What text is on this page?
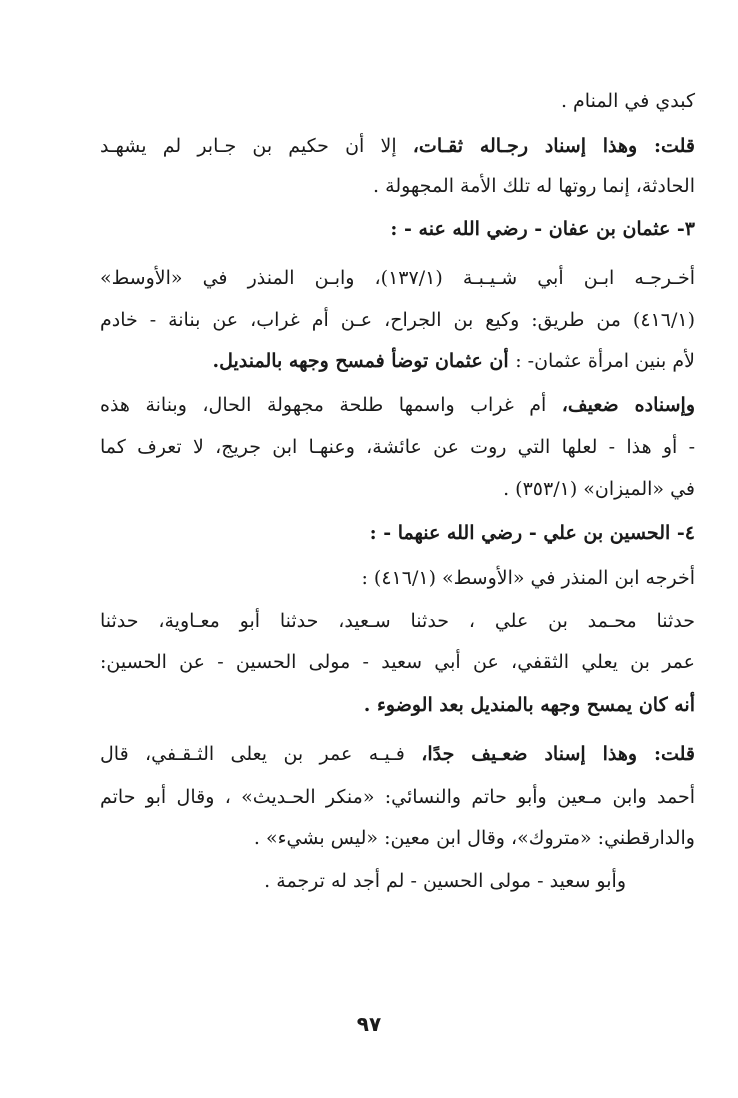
كبدي في المنام .
قلت: وهذا إسناد رجـاله ثقـات، إلا أن حكيم بن جـابر لم يشهـد
الحادثة، إنما روتها له تلك الأمة المجهولة .
٣- عثمان بن عفان - رضي الله عنه - :
أخـرجـه ابـن أبي شـيـبـة (١٣٧/١)، وابـن المنذر في «الأوسط»
(٤١٦/١) من طريق: وكيع بن الجراح، عـن أم غراب، عن بنانة - خادم
لأم بنين امرأة عثمان- : أن عثمان توضأ فمسح وجهه بالمنديل.
وإسناده ضعيف، أم غراب واسمها طلحة مجهولة الحال، وبنانة هذه
- أو هذا - لعلها التي روت عن عائشة، وعنهـا ابن جريج، لا تعرف كما
في «الميزان» (٣٥٣/١) .
٤- الحسين بن علي - رضي الله عنهما - :
أخرجه ابن المنذر في «الأوسط» (٤١٦/١) :
حدثنا محـمد بن علي ، حدثنا سـعيد، حدثنا أبو معـاوية، حدثنا
عمر بن يعلي الثقفي، عن أبي سعيد - مولى الحسين - عن الحسين:
أنه كان يمسح وجهه بالمنديل بعد الوضوء .
قلت: وهذا إسناد ضعـيف جدًا، فـيـه عمر بن يعلى الثـقـفي، قال
أحمد وابن مـعين وأبو حاتم والنسائي: «منكر الحـديث» ، وقال أبو حاتم
والدارقطني: «متروك»، وقال ابن معين: «ليس بشيء» .
وأبو سعيد - مولى الحسين - لم أجد له ترجمة .
٩٧
